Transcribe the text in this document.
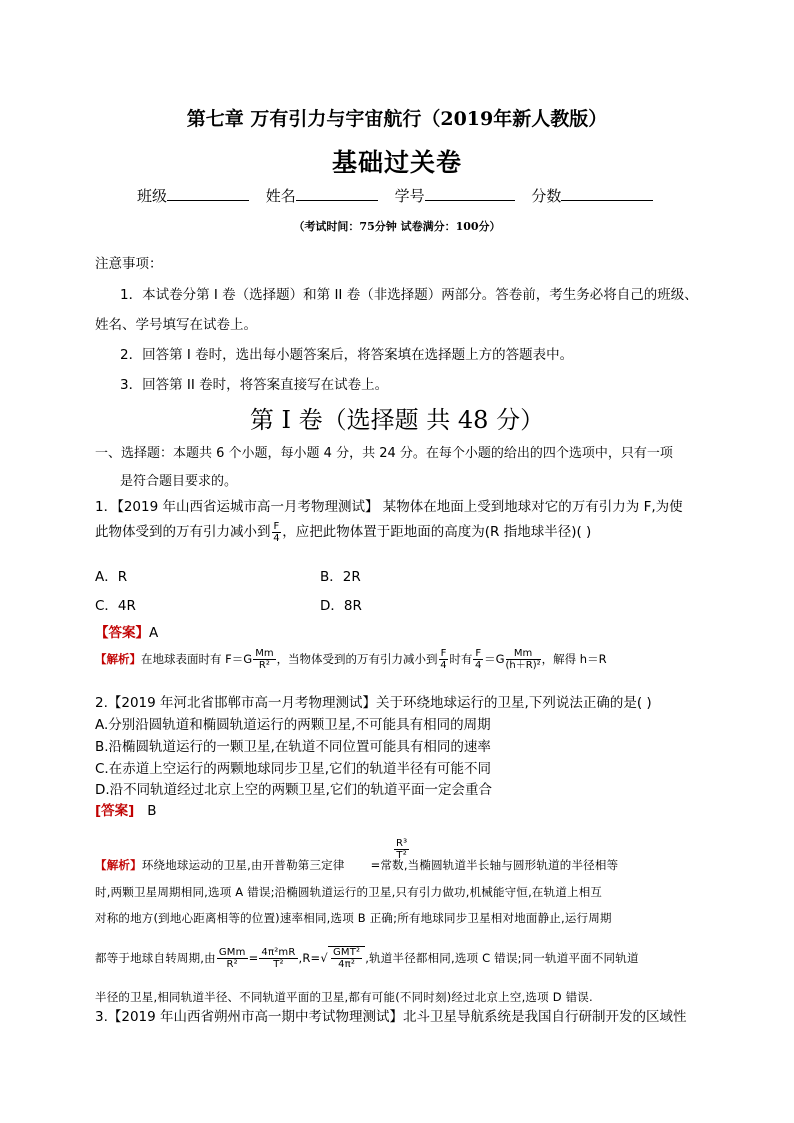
第七章 万有引力与宇宙航行（2019年新人教版）
基础过关卷
班级	姓名	学号	分数
（考试时间：75分钟 试卷满分：100分）
注意事项：
1．本试卷分第 I 卷（选择题）和第 II 卷（非选择题）两部分。答卷前，考生务必将自己的班级、
姓名、学号填写在试卷上。
2．回答第 I 卷时，选出每小题答案后，将答案填在选择题上方的答题表中。
3．回答第 II 卷时，将答案直接写在试卷上。
第 I 卷（选择题 共 48 分）
一、选择题：本题共 6 个小题，每小题 4 分，共 24 分。在每个小题的给出的四个选项中，只有一项
是符合题目要求的。
1．【2019 年山西省运城市高一月考物理测试】 某物体在地面上受到地球对它的万有引力为 F,为使
此物体受到的万有引力减小到 $\frac{F}{4}$ ，应把此物体置于距地面的高度为(R 指地球半径)( )
A．R	B．2R
C．4R	D．8R
【答案】A
【解析】在地球表面时有 $F=G \frac{Mm}{\text{R²}}$ ，当物体受到的万有引力减小到 $\frac{F}{4}$ 时有 $\frac{F}{4} =G \frac{Mm}{\text{(h＋R)²}}$ ，解得 h＝R
2.【2019 年河北省邯郸市高一月考物理测试】关于环绕地球运行的卫星,下列说法正确的是( )
A.分别沿圆轨道和椭圆轨道运行的两颗卫星,不可能具有相同的周期
B.沿椭圆轨道运行的一颗卫星,在轨道不同位置可能具有相同的速率
C.在赤道上空运行的两颗地球同步卫星,它们的轨道半径有可能不同
D.沿不同轨道经过北京上空的两颗卫星,它们的轨道平面一定会重合
[答案] B
$\frac{\text{R³}}{\text{T²}}$
【解析】环绕地球运动的卫星,由开普勒第三定律 =常数,当椭圆轨道半长轴与圆形轨道的半径相等
时,两颗卫星周期相同,选项 A 错误;沿椭圆轨道运行的卫星,只有引力做功,机械能守恒,在轨道上相互
对称的地方(到地心距离相等的位置)速率相同,选项 B 正确;所有地球同步卫星相对地面静止,运行周期
都等于地球自转周期,由 $\frac{\text{GMm}}{\text{R²}} = \frac{\text{4π²mR}}{\text{T²}} ,R=√ \frac{\text{GMT²}}{\text{4π²}}$ ,轨道半径都相同,选项 C 错误;同一轨道平面不同轨道
半径的卫星,相同轨道半径、不同轨道平面的卫星,都有可能(不同时刻)经过北京上空,选项 D 错误.
3.【2019 年山西省朔州市高一期中考试物理测试】北斗卫星导航系统是我国自行研制开发的区域性
